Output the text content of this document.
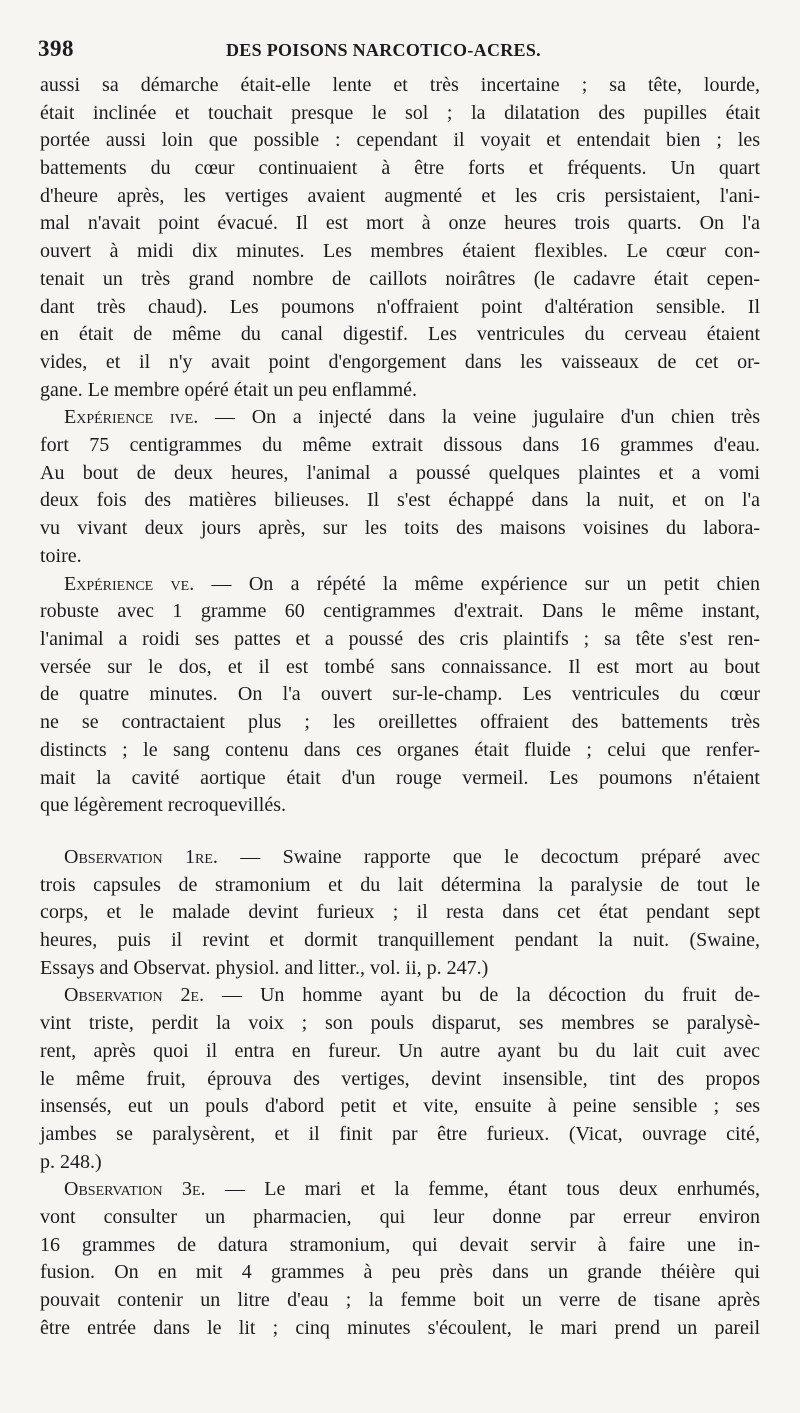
398	DES POISONS NARCOTICO-ACRES.
aussi sa démarche était-elle lente et très incertaine ; sa tête, lourde,
était inclinée et touchait presque le sol ; la dilatation des pupilles était
portée aussi loin que possible : cependant il voyait et entendait bien ; les
battements du cœur continuaient à être forts et fréquents. Un quart
d'heure après, les vertiges avaient augmenté et les cris persistaient, l'ani-
mal n'avait point évacué. Il est mort à onze heures trois quarts. On l'a
ouvert à midi dix minutes. Les membres étaient flexibles. Le cœur con-
tenait un très grand nombre de caillots noirâtres (le cadavre était cepen-
dant très chaud). Les poumons n'offraient point d'altération sensible. Il
en était de même du canal digestif. Les ventricules du cerveau étaient
vides, et il n'y avait point d'engorgement dans les vaisseaux de cet or-
gane. Le membre opéré était un peu enflammé.
Expérience ive. — On a injecté dans la veine jugulaire d'un chien très
fort 75 centigrammes du même extrait dissous dans 16 grammes d'eau.
Au bout de deux heures, l'animal a poussé quelques plaintes et a vomi
deux fois des matières bilieuses. Il s'est échappé dans la nuit, et on l'a
vu vivant deux jours après, sur les toits des maisons voisines du labora-
toire.
Expérience ve. — On a répété la même expérience sur un petit chien
robuste avec 1 gramme 60 centigrammes d'extrait. Dans le même instant,
l'animal a roidi ses pattes et a poussé des cris plaintifs ; sa tête s'est ren-
versée sur le dos, et il est tombé sans connaissance. Il est mort au bout
de quatre minutes. On l'a ouvert sur-le-champ. Les ventricules du cœur
ne se contractaient plus ; les oreillettes offraient des battements très
distincts ; le sang contenu dans ces organes était fluide ; celui que renfer-
mait la cavité aortique était d'un rouge vermeil. Les poumons n'étaient
que légèrement recroquevillés.
Observation 1re. — Swaine rapporte que le decoctum préparé avec
trois capsules de stramonium et du lait détermina la paralysie de tout le
corps, et le malade devint furieux ; il resta dans cet état pendant sept
heures, puis il revint et dormit tranquillement pendant la nuit. (Swaine,
Essays and Observat. physiol. and litter., vol. ii, p. 247.)
Observation 2e. — Un homme ayant bu de la décoction du fruit de-
vint triste, perdit la voix ; son pouls disparut, ses membres se paralysè-
rent, après quoi il entra en fureur. Un autre ayant bu du lait cuit avec
le même fruit, éprouva des vertiges, devint insensible, tint des propos
insensés, eut un pouls d'abord petit et vite, ensuite à peine sensible ; ses
jambes se paralysèrent, et il finit par être furieux. (Vicat, ouvrage cité,
p. 248.)
Observation 3e. — Le mari et la femme, étant tous deux enrhumés,
vont consulter un pharmacien, qui leur donne par erreur environ
16 grammes de datura stramonium, qui devait servir à faire une in-
fusion. On en mit 4 grammes à peu près dans un grande théière qui
pouvait contenir un litre d'eau ; la femme boit un verre de tisane après
être entrée dans le lit ; cinq minutes s'écoulent, le mari prend un pareil
